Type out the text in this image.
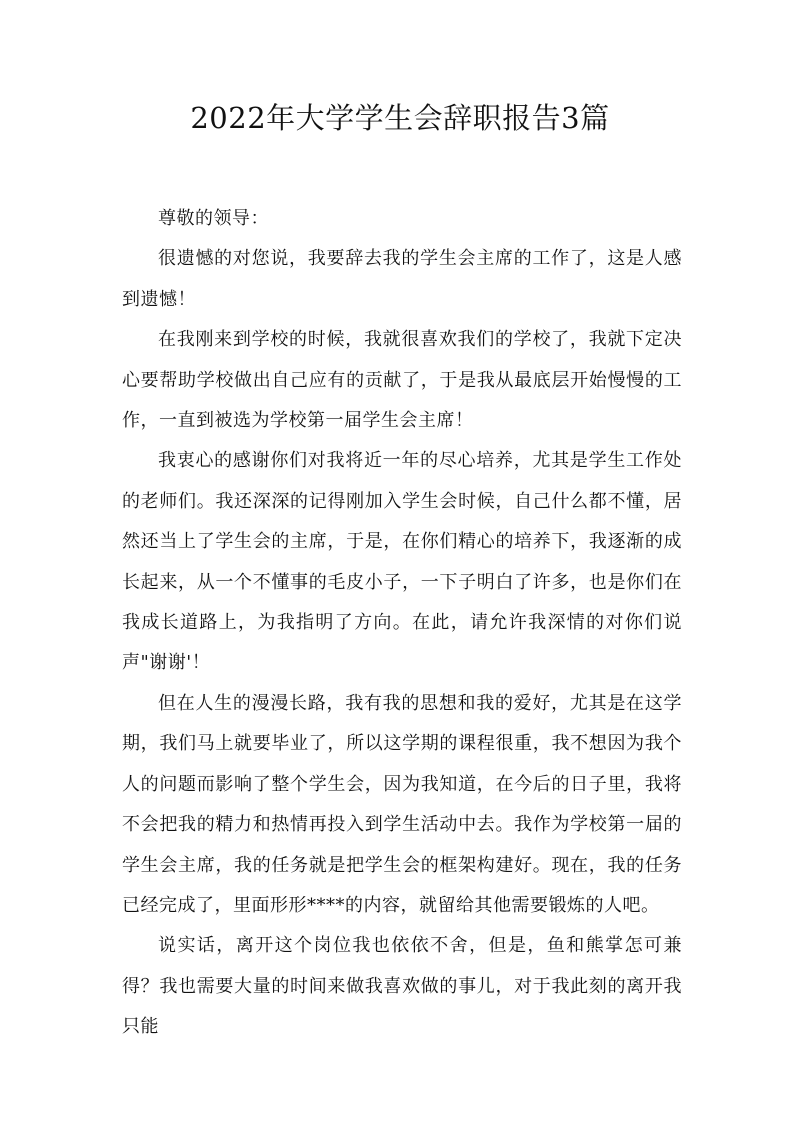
2022年大学学生会辞职报告3篇

尊敬的领导：

很遗憾的对您说，我要辞去我的学生会主席的工作了，这是人感到遗憾！

在我刚来到学校的时候，我就很喜欢我们的学校了，我就下定决心要帮助学校做出自己应有的贡献了，于是我从最底层开始慢慢的工作，一直到被选为学校第一届学生会主席！

我衷心的感谢你们对我将近一年的尽心培养，尤其是学生工作处的老师们。我还深深的记得刚加入学生会时候，自己什么都不懂，居然还当上了学生会的主席，于是，在你们精心的培养下，我逐渐的成长起来，从一个不懂事的毛皮小子，一下子明白了许多，也是你们在我成长道路上，为我指明了方向。在此，请允许我深情的对你们说声"谢谢'！

但在人生的漫漫长路，我有我的思想和我的爱好，尤其是在这学期，我们马上就要毕业了，所以这学期的课程很重，我不想因为我个人的问题而影响了整个学生会，因为我知道，在今后的日子里，我将不会把我的精力和热情再投入到学生活动中去。我作为学校第一届的学生会主席，我的任务就是把学生会的框架构建好。现在，我的任务已经完成了，里面形形****的内容，就留给其他需要锻炼的人吧。

说实话，离开这个岗位我也依依不舍，但是，鱼和熊掌怎可兼得？我也需要大量的时间来做我喜欢做的事儿，对于我此刻的离开我只能
